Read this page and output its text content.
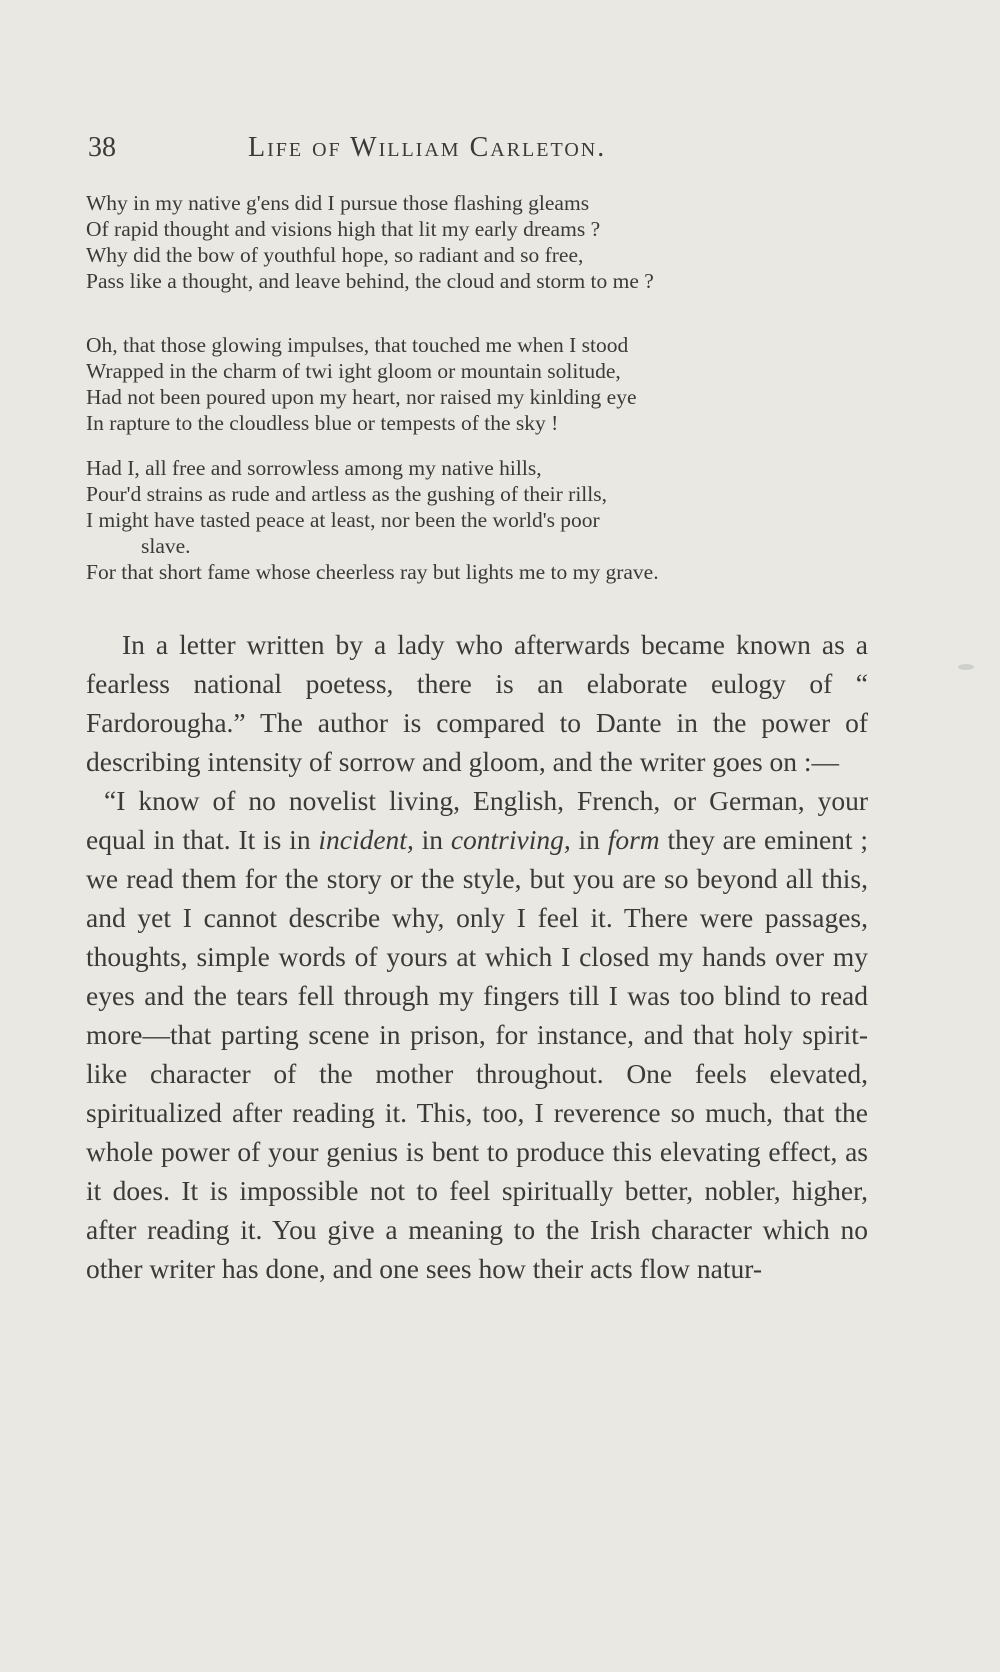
38	Life of William Carleton.
Why in my native g'ens did I pursue those flashing gleams
Of rapid thought and visions high that lit my early dreams ?
Why did the bow of youthful hope, so radiant and so free,
Pass like a thought, and leave behind, the cloud and storm to me ?
Oh, that those glowing impulses, that touched me when I stood
Wrapped in the charm of twi ight gloom or mountain solitude,
Had not been poured upon my heart, nor raised my kinlding eye
In rapture to the cloudless blue or tempests of the sky !
Had I, all free and sorrowless among my native hills,
Pour'd strains as rude and artless as the gushing of their rills,
I might have tasted peace at least, nor been the world's poor
slave.
For that short fame whose cheerless ray but lights me to my grave.

In a letter written by a lady who afterwards became known as a fearless national poetess, there is an elaborate eulogy of “ Fardorougha.” The author is compared to Dante in the power of describing intensity of sorrow and gloom, and the writer goes on :—

“I know of no novelist living, English, French, or German, your equal in that. It is in incident, in contriving, in form they are eminent ; we read them for the story or the style, but you are so beyond all this, and yet I cannot describe why, only I feel it. There were passages, thoughts, simple words of yours at which I closed my hands over my eyes and the tears fell through my fingers till I was too blind to read more—that parting scene in prison, for instance, and that holy spirit-like character of the mother throughout. One feels elevated, spiritualized after reading it. This, too, I reverence so much, that the whole power of your genius is bent to produce this elevating effect, as it does. It is impossible not to feel spiritually better, nobler, higher, after reading it. You give a meaning to the Irish character which no other writer has done, and one sees how their acts flow natur-
